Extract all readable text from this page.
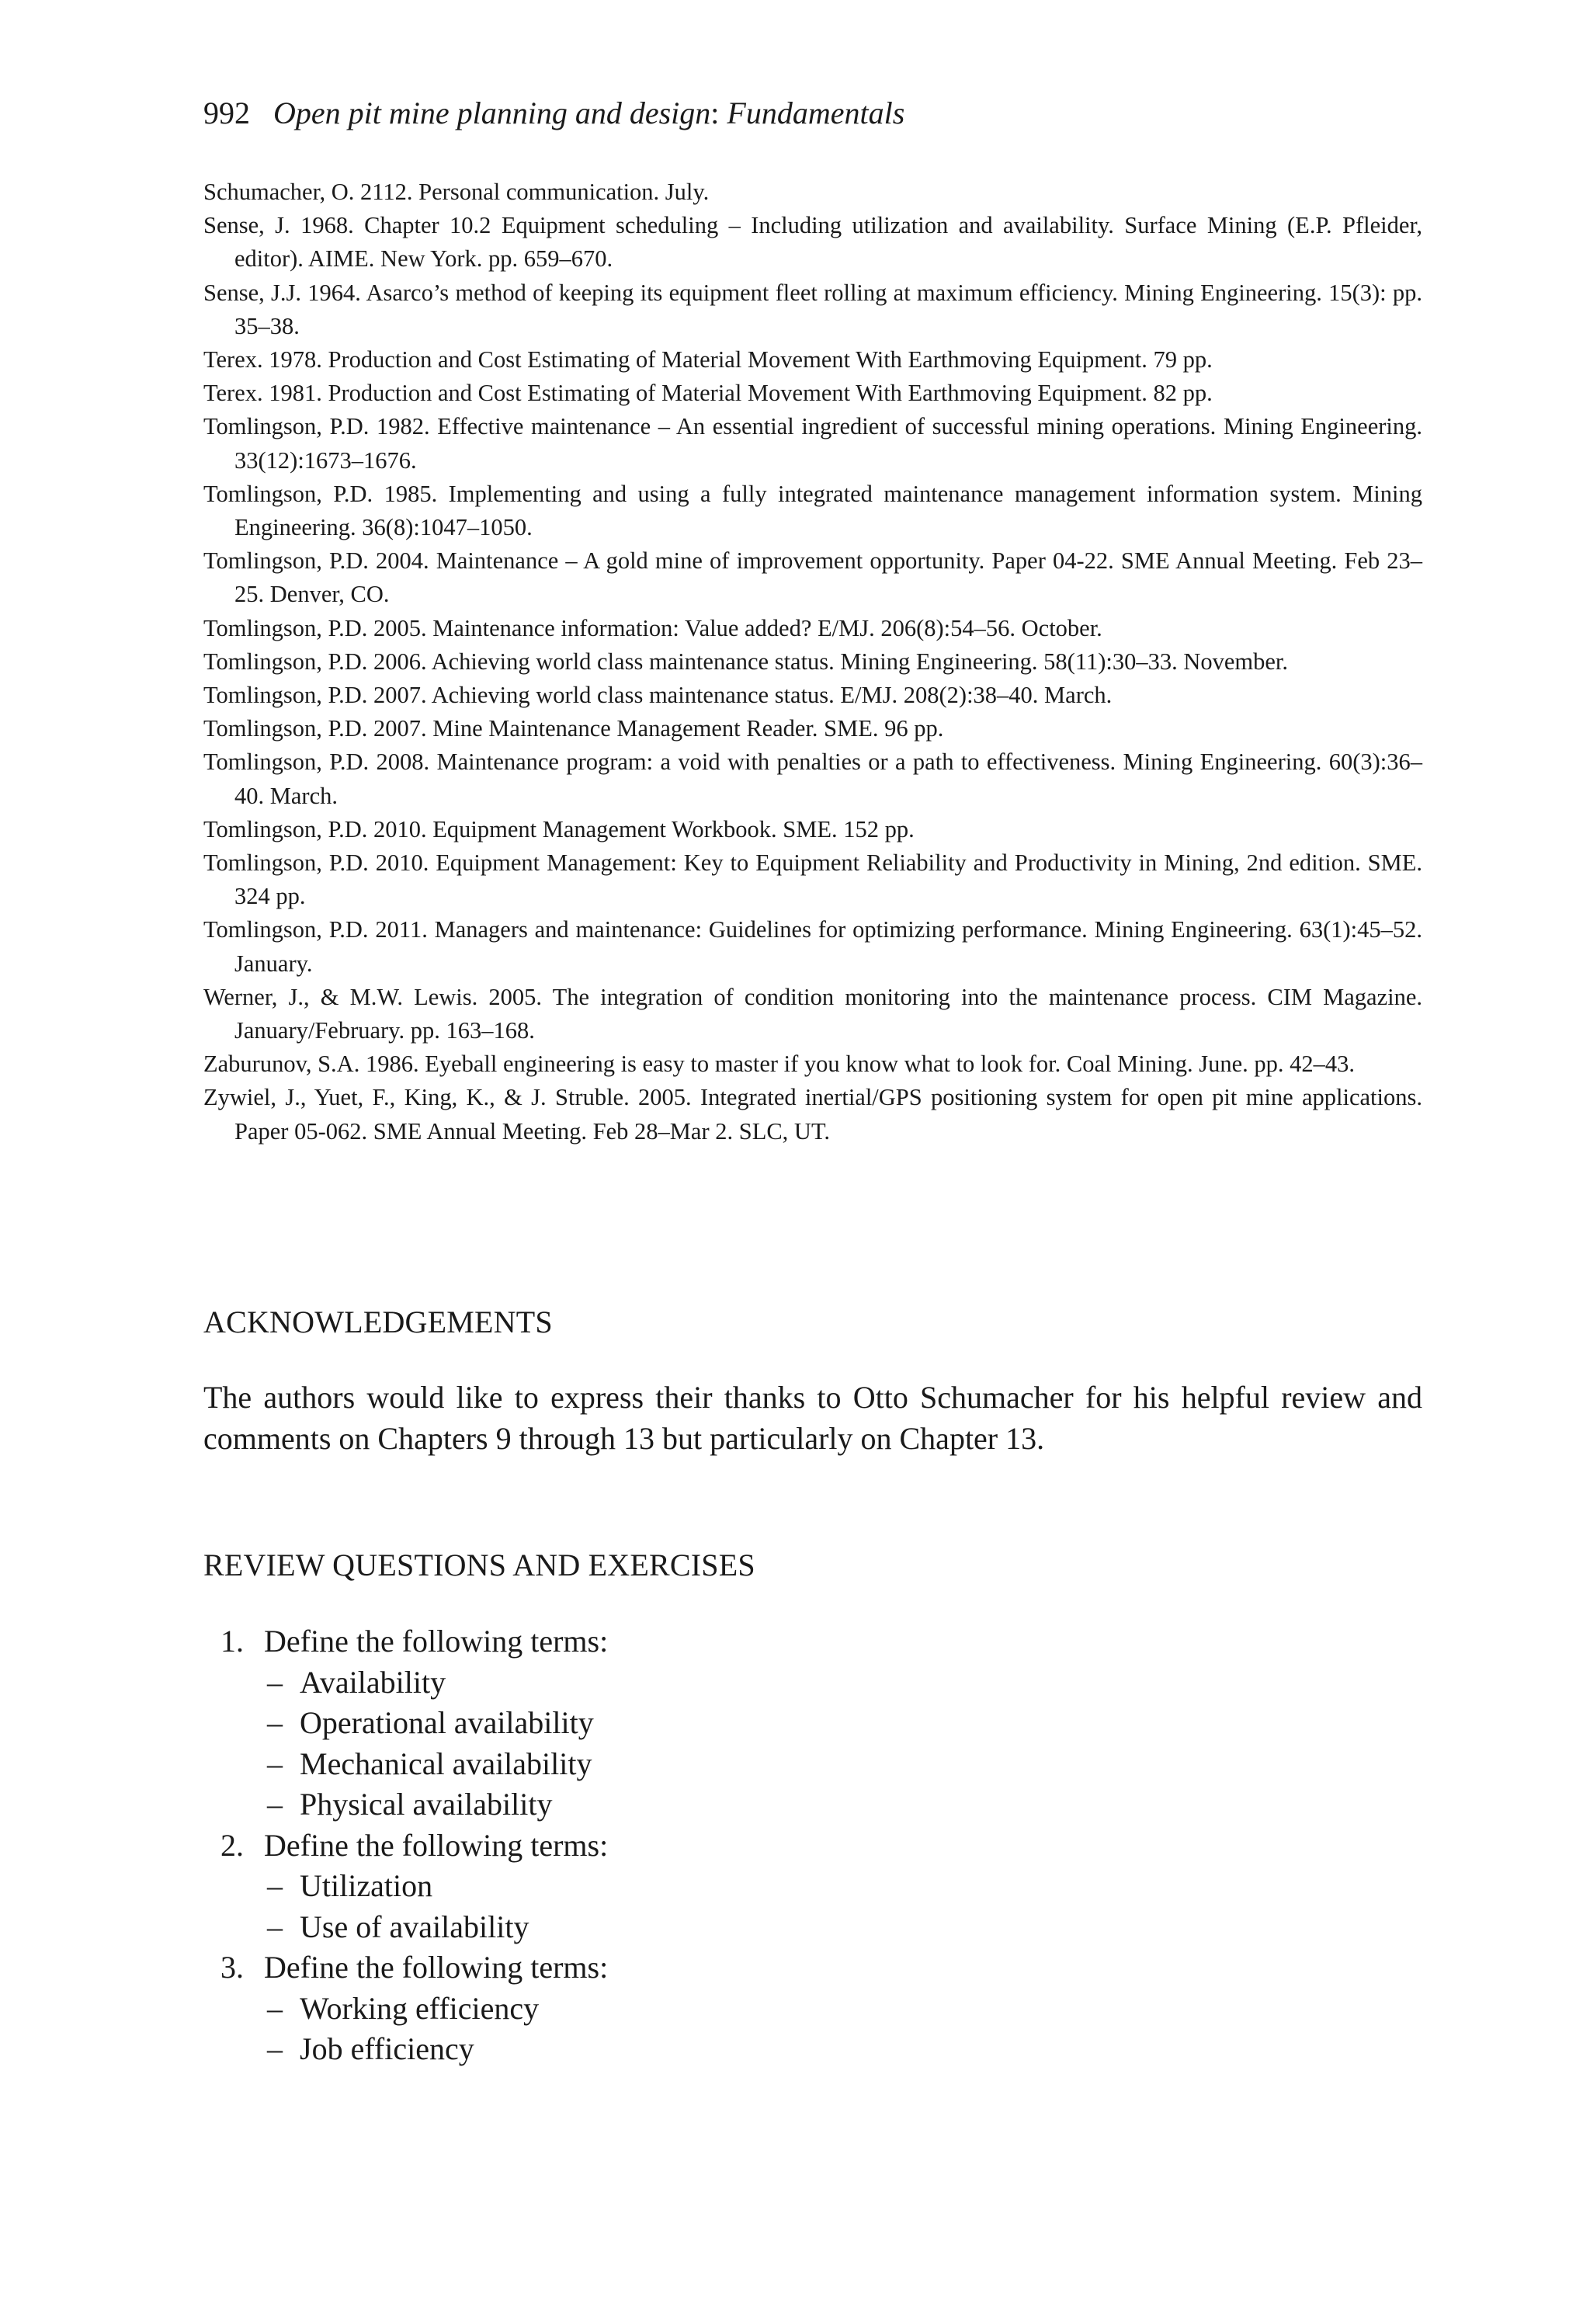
992 Open pit mine planning and design: Fundamentals
Schumacher, O. 2112. Personal communication. July.
Sense, J. 1968. Chapter 10.2 Equipment scheduling – Including utilization and availability. Surface Mining (E.P. Pfleider, editor). AIME. New York. pp. 659–670.
Sense, J.J. 1964. Asarco’s method of keeping its equipment fleet rolling at maximum efficiency. Mining Engineering. 15(3): pp. 35–38.
Terex. 1978. Production and Cost Estimating of Material Movement With Earthmoving Equipment. 79 pp.
Terex. 1981. Production and Cost Estimating of Material Movement With Earthmoving Equipment. 82 pp.
Tomlingson, P.D. 1982. Effective maintenance – An essential ingredient of successful mining operations. Mining Engineering. 33(12):1673–1676.
Tomlingson, P.D. 1985. Implementing and using a fully integrated maintenance management information system. Mining Engineering. 36(8):1047–1050.
Tomlingson, P.D. 2004. Maintenance – A gold mine of improvement opportunity. Paper 04-22. SME Annual Meeting. Feb 23–25. Denver, CO.
Tomlingson, P.D. 2005. Maintenance information: Value added? E/MJ. 206(8):54–56. October.
Tomlingson, P.D. 2006. Achieving world class maintenance status. Mining Engineering. 58(11):30–33. November.
Tomlingson, P.D. 2007. Achieving world class maintenance status. E/MJ. 208(2):38–40. March.
Tomlingson, P.D. 2007. Mine Maintenance Management Reader. SME. 96 pp.
Tomlingson, P.D. 2008. Maintenance program: a void with penalties or a path to effectiveness. Mining Engineering. 60(3):36–40. March.
Tomlingson, P.D. 2010. Equipment Management Workbook. SME. 152 pp.
Tomlingson, P.D. 2010. Equipment Management: Key to Equipment Reliability and Productivity in Mining, 2nd edition. SME. 324 pp.
Tomlingson, P.D. 2011. Managers and maintenance: Guidelines for optimizing performance. Mining Engineering. 63(1):45–52. January.
Werner, J., & M.W. Lewis. 2005. The integration of condition monitoring into the maintenance process. CIM Magazine. January/February. pp. 163–168.
Zaburunov, S.A. 1986. Eyeball engineering is easy to master if you know what to look for. Coal Mining. June. pp. 42–43.
Zywiel, J., Yuet, F., King, K., & J. Struble. 2005. Integrated inertial/GPS positioning system for open pit mine applications. Paper 05-062. SME Annual Meeting. Feb 28–Mar 2. SLC, UT.
ACKNOWLEDGEMENTS

The authors would like to express their thanks to Otto Schumacher for his helpful review and comments on Chapters 9 through 13 but particularly on Chapter 13.

REVIEW QUESTIONS AND EXERCISES
1. Define the following terms:
– Availability
– Operational availability
– Mechanical availability
– Physical availability
2. Define the following terms:
– Utilization
– Use of availability
3. Define the following terms:
– Working efficiency
– Job efficiency
